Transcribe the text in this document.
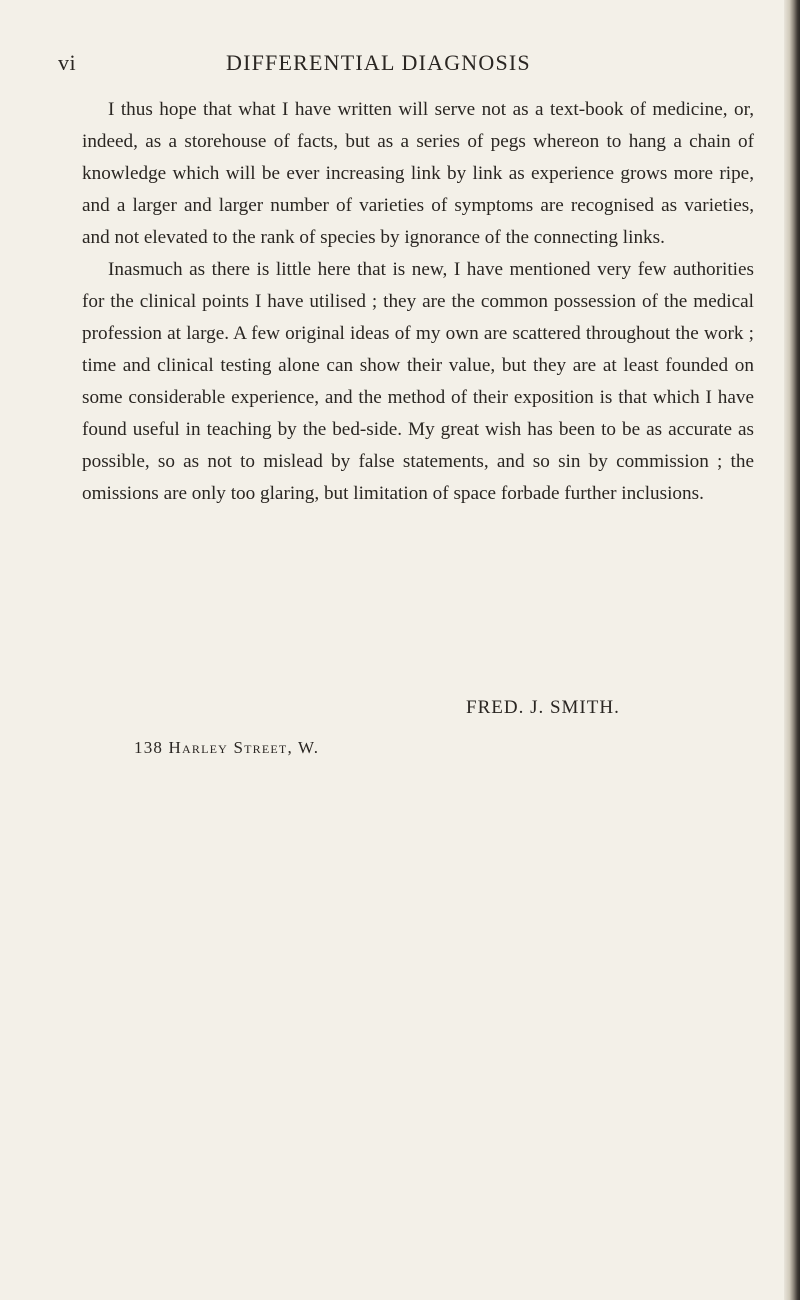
vi	DIFFERENTIAL DIAGNOSIS

I thus hope that what I have written will serve not as a text-book of medicine, or, indeed, as a storehouse of facts, but as a series of pegs whereon to hang a chain of knowledge which will be ever increasing link by link as experience grows more ripe, and a larger and larger number of varieties of symptoms are recognised as varieties, and not elevated to the rank of species by ignorance of the connecting links.

Inasmuch as there is little here that is new, I have mentioned very few authorities for the clinical points I have utilised ; they are the common possession of the medical profession at large. A few original ideas of my own are scattered throughout the work ; time and clinical testing alone can show their value, but they are at least founded on some considerable experience, and the method of their exposition is that which I have found useful in teaching by the bed-side. My great wish has been to be as accurate as possible, so as not to mislead by false statements, and so sin by commission ; the omissions are only too glaring, but limitation of space forbade further inclusions.

FRED. J. SMITH.
138 Harley Street, W.
